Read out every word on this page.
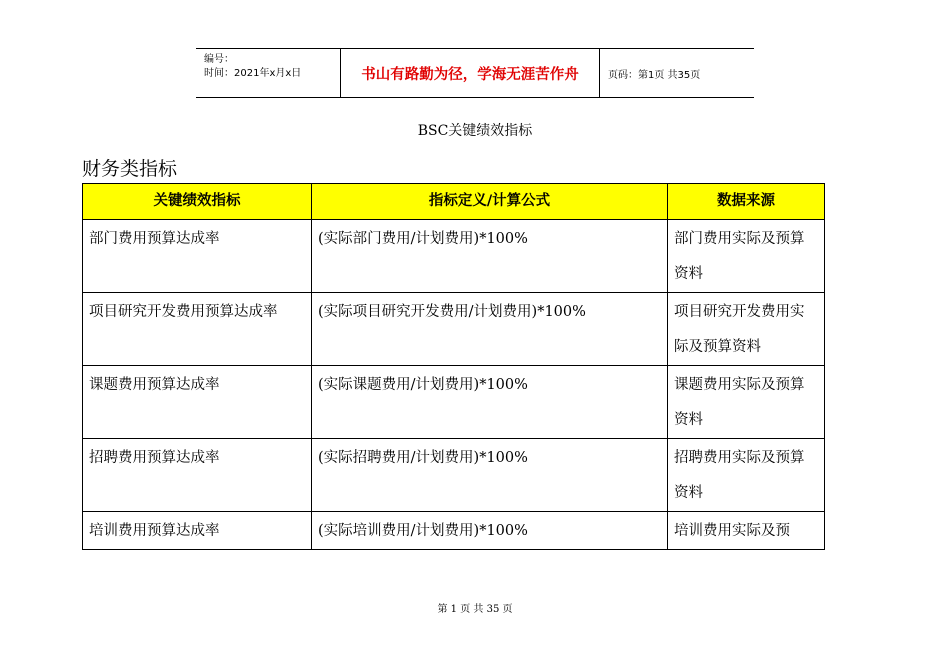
编号：
时间：2021年x月x日	书山有路勤为径，学海无涯苦作舟	页码：第1页 共35页
BSC关键绩效指标
财务类指标
关键绩效指标	指标定义/计算公式	数据来源
部门费用预算达成率	(实际部门费用/计划费用)*100%	部门费用实际及预算资料
项目研究开发费用预算达成率	(实际项目研究开发费用/计划费用)*100%	项目研究开发费用实际及预算资料
课题费用预算达成率	(实际课题费用/计划费用)*100%	课题费用实际及预算资料
招聘费用预算达成率	(实际招聘费用/计划费用)*100%	招聘费用实际及预算资料
培训费用预算达成率	(实际培训费用/计划费用)*100%	培训费用实际及预
第 1 页 共 35 页
